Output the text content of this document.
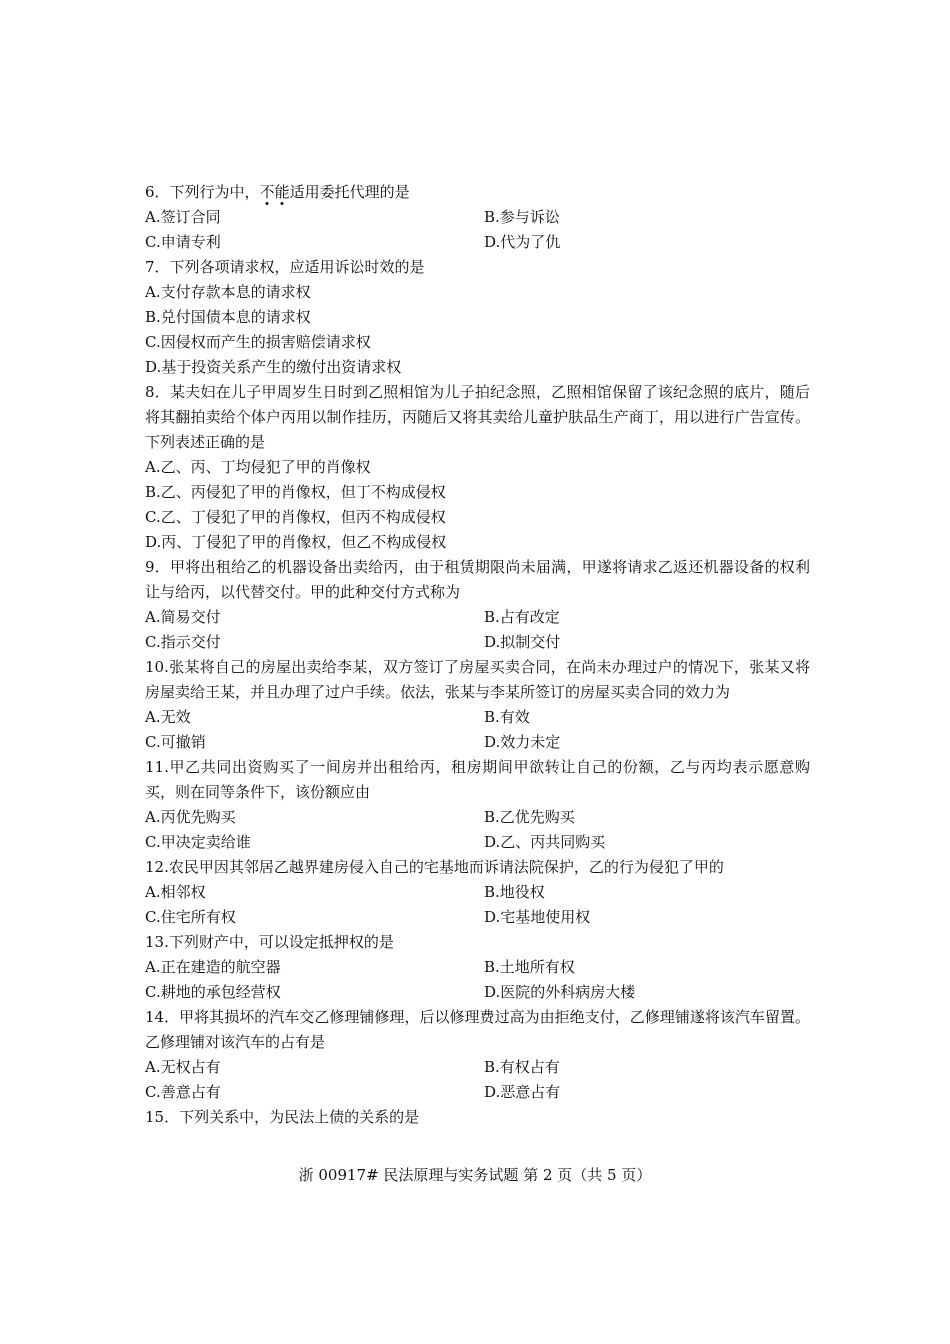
6．下列行为中，不能适用委托代理的是
A.签订合同	B.参与诉讼
C.申请专利	D.代为了仇
7．下列各项请求权，应适用诉讼时效的是
A.支付存款本息的请求权
B.兑付国债本息的请求权
C.因侵权而产生的损害赔偿请求权
D.基于投资关系产生的缴付出资请求权
8．某夫妇在儿子甲周岁生日时到乙照相馆为儿子拍纪念照，乙照相馆保留了该纪念照的底片，随后将其翻拍卖给个体户丙用以制作挂历，丙随后又将其卖给儿童护肤品生产商丁，用以进行广告宣传。下列表述正确的是
A.乙、丙、丁均侵犯了甲的肖像权
B.乙、丙侵犯了甲的肖像权，但丁不构成侵权
C.乙、丁侵犯了甲的肖像权，但丙不构成侵权
D.丙、丁侵犯了甲的肖像权，但乙不构成侵权
9．甲将出租给乙的机器设备出卖给丙，由于租赁期限尚未届满，甲遂将请求乙返还机器设备的权利让与给丙，以代替交付。甲的此种交付方式称为
A.简易交付	B.占有改定
C.指示交付	D.拟制交付
10.张某将自己的房屋出卖给李某，双方签订了房屋买卖合同，在尚未办理过户的情况下，张某又将房屋卖给王某，并且办理了过户手续。依法，张某与李某所签订的房屋买卖合同的效力为
A.无效	B.有效
C.可撤销	D.效力未定
11.甲乙共同出资购买了一间房并出租给丙，租房期间甲欲转让自己的份额，乙与丙均表示愿意购买，则在同等条件下，该份额应由
A.丙优先购买	B.乙优先购买
C.甲决定卖给谁	D.乙、丙共同购买
12.农民甲因其邻居乙越界建房侵入自己的宅基地而诉请法院保护，乙的行为侵犯了甲的
A.相邻权	B.地役权
C.住宅所有权	D.宅基地使用权
13.下列财产中，可以设定抵押权的是
A.正在建造的航空器	B.土地所有权
C.耕地的承包经营权	D.医院的外科病房大楼
14．甲将其损坏的汽车交乙修理铺修理，后以修理费过高为由拒绝支付，乙修理铺遂将该汽车留置。乙修理铺对该汽车的占有是
A.无权占有	B.有权占有
C.善意占有	D.恶意占有
15．下列关系中，为民法上债的关系的是
浙 00917# 民法原理与实务试题 第 2 页（共 5 页）
